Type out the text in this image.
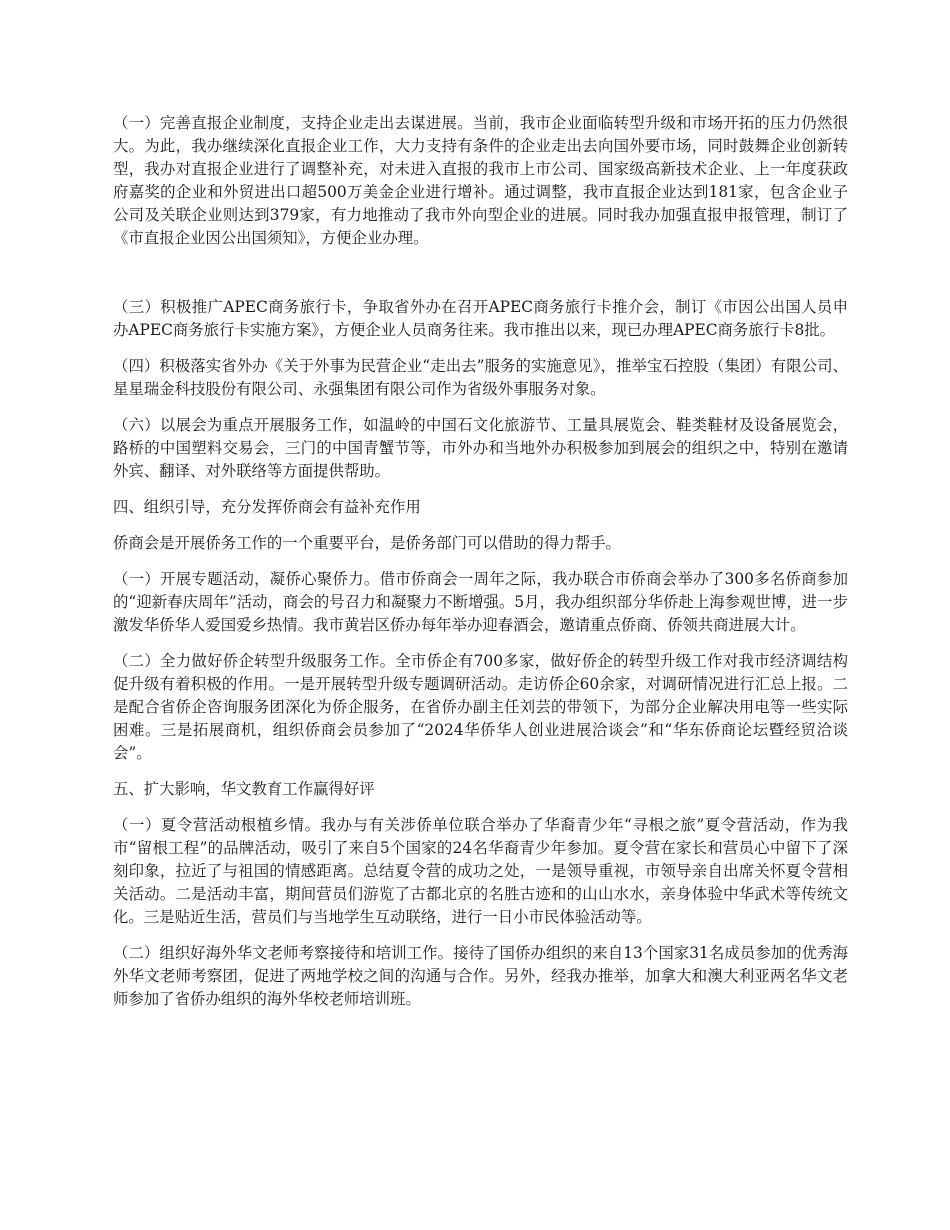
（一）完善直报企业制度，支持企业走出去谋进展。当前，我市企业面临转型升级和市场开拓的压力仍然很大。为此，我办继续深化直报企业工作，大力支持有条件的企业走出去向国外要市场，同时鼓舞企业创新转型，我办对直报企业进行了调整补充，对未进入直报的我市上市公司、国家级高新技术企业、上一年度获政府嘉奖的企业和外贸进出口超500万美金企业进行增补。通过调整，我市直报企业达到181家，包含企业子公司及关联企业则达到379家，有力地推动了我市外向型企业的进展。同时我办加强直报申报管理，制订了《市直报企业因公出国须知》，方便企业办理。

（三）积极推广APEC商务旅行卡，争取省外办在召开APEC商务旅行卡推介会，制订《市因公出国人员申办APEC商务旅行卡实施方案》，方便企业人员商务往来。我市推出以来，现已办理APEC商务旅行卡8批。

（四）积极落实省外办《关于外事为民营企业“走出去”服务的实施意见》，推举宝石控股（集团）有限公司、星星瑞金科技股份有限公司、永强集团有限公司作为省级外事服务对象。

（六）以展会为重点开展服务工作，如温岭的中国石文化旅游节、工量具展览会、鞋类鞋材及设备展览会，路桥的中国塑料交易会，三门的中国青蟹节等，市外办和当地外办积极参加到展会的组织之中，特别在邀请外宾、翻译、对外联络等方面提供帮助。

四、组织引导，充分发挥侨商会有益补充作用

侨商会是开展侨务工作的一个重要平台，是侨务部门可以借助的得力帮手。

（一）开展专题活动，凝侨心聚侨力。借市侨商会一周年之际，我办联合市侨商会举办了300多名侨商参加的“迎新春庆周年”活动，商会的号召力和凝聚力不断增强。5月，我办组织部分华侨赴上海参观世博，进一步激发华侨华人爱国爱乡热情。我市黄岩区侨办每年举办迎春酒会，邀请重点侨商、侨领共商进展大计。

（二）全力做好侨企转型升级服务工作。全市侨企有700多家，做好侨企的转型升级工作对我市经济调结构促升级有着积极的作用。一是开展转型升级专题调研活动。走访侨企60余家，对调研情况进行汇总上报。二是配合省侨企咨询服务团深化为侨企服务，在省侨办副主任刘芸的带领下，为部分企业解决用电等一些实际困难。三是拓展商机，组织侨商会员参加了“2024华侨华人创业进展洽谈会”和“华东侨商论坛暨经贸洽谈会”。

五、扩大影响，华文教育工作赢得好评

（一）夏令营活动根植乡情。我办与有关涉侨单位联合举办了华裔青少年“寻根之旅”夏令营活动，作为我市“留根工程”的品牌活动，吸引了来自5个国家的24名华裔青少年参加。夏令营在家长和营员心中留下了深刻印象，拉近了与祖国的情感距离。总结夏令营的成功之处，一是领导重视，市领导亲自出席关怀夏令营相关活动。二是活动丰富，期间营员们游览了古都北京的名胜古迹和的山山水水，亲身体验中华武术等传统文化。三是贴近生活，营员们与当地学生互动联络，进行一日小市民体验活动等。

（二）组织好海外华文老师考察接待和培训工作。接待了国侨办组织的来自13个国家31名成员参加的优秀海外华文老师考察团，促进了两地学校之间的沟通与合作。另外，经我办推举，加拿大和澳大利亚两名华文老师参加了省侨办组织的海外华校老师培训班。
